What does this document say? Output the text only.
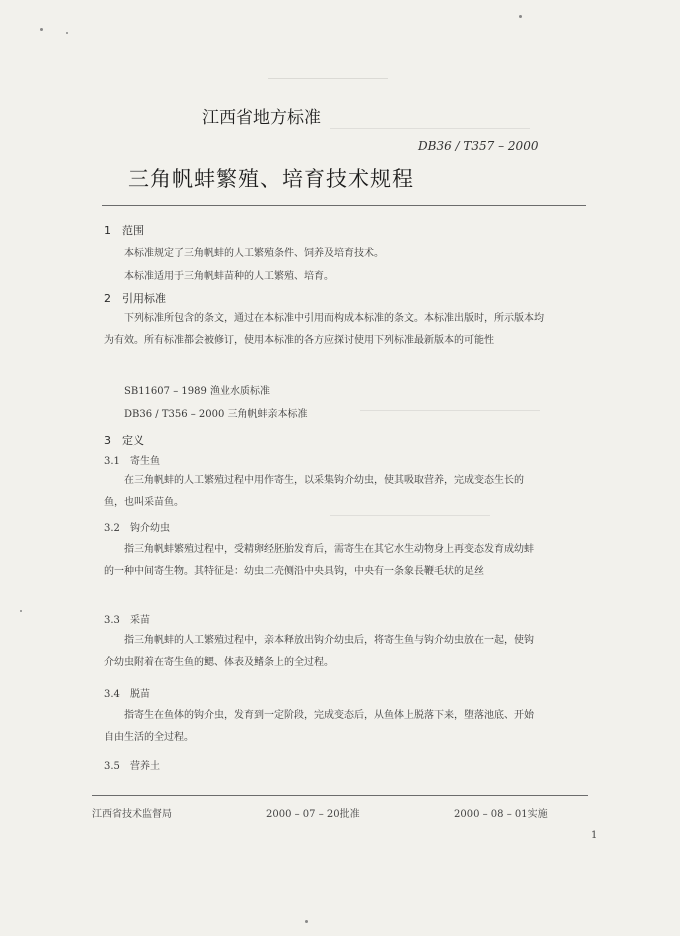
江西省地方标准
DB36 / T357 – 2000
三角帆蚌繁殖、培育技术规程
1 范围
本标准规定了三角帆蚌的人工繁殖条件、饲养及培育技术。
本标准适用于三角帆蚌苗种的人工繁殖、培育。
2 引用标准
下列标准所包含的条文，通过在本标准中引用而构成本标准的条文。本标准出版时，所示版本均为有效。所有标准都会被修订，使用本标准的各方应探讨使用下列标准最新版本的可能性
SB11607 – 1989 渔业水质标准
DB36 / T356 – 2000 三角帆蚌亲本标准
3 定义
3.1 寄生鱼
在三角帆蚌的人工繁殖过程中用作寄生，以采集钩介幼虫，使其吸取营养，完成变态生长的鱼，也叫采苗鱼。
3.2 钩介幼虫
指三角帆蚌繁殖过程中，受精卵经胚胎发育后，需寄生在其它水生动物身上再变态发育成幼蚌的一种中间寄生物。其特征是：幼虫二壳侧沿中央具钩，中央有一条象長鞭毛状的足丝
3.3 采苗
指三角帆蚌的人工繁殖过程中，亲本释放出钩介幼虫后，将寄生鱼与钩介幼虫放在一起，使钩介幼虫附着在寄生鱼的鳃、体表及鳍条上的全过程。
3.4 脱苗
指寄生在鱼体的钩介虫，发育到一定阶段，完成变态后，从鱼体上脱落下来，堕落池底、开始自由生活的全过程。
3.5 营养土
江西省技术监督局	2000 – 07 – 20批准	2000 – 08 – 01实施
1
